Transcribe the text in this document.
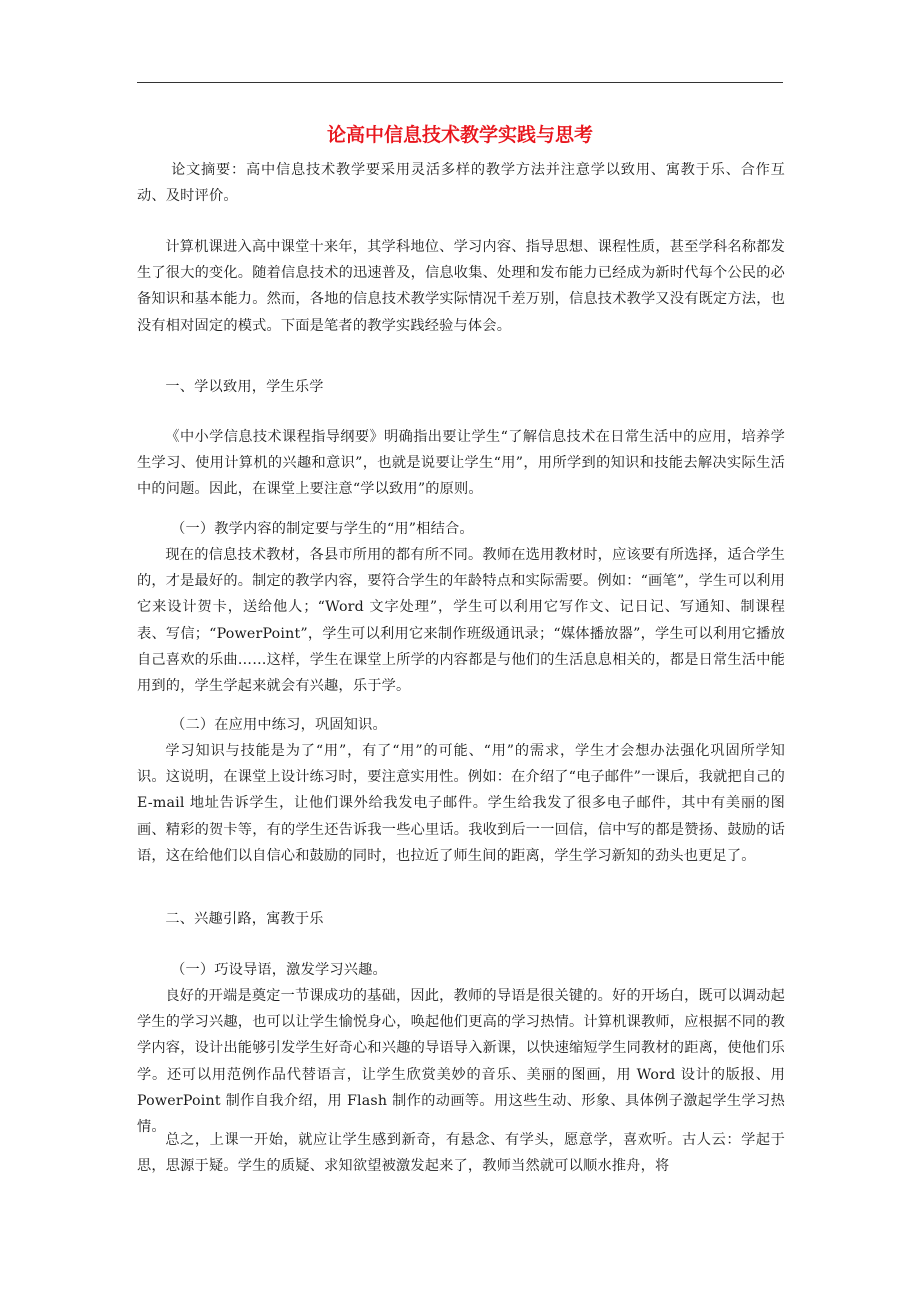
论高中信息技术教学实践与思考

论文摘要：高中信息技术教学要采用灵活多样的教学方法并注意学以致用、寓教于乐、合作互动、及时评价。

计算机课进入高中课堂十来年，其学科地位、学习内容、指导思想、课程性质，甚至学科名称都发生了很大的变化。随着信息技术的迅速普及，信息收集、处理和发布能力已经成为新时代每个公民的必备知识和基本能力。然而，各地的信息技术教学实际情况千差万别，信息技术教学又没有既定方法，也没有相对固定的模式。下面是笔者的教学实践经验与体会。

一、学以致用，学生乐学

《中小学信息技术课程指导纲要》明确指出要让学生“了解信息技术在日常生活中的应用，培养学生学习、使用计算机的兴趣和意识”，也就是说要让学生“用”，用所学到的知识和技能去解决实际生活中的问题。因此，在课堂上要注意“学以致用”的原则。

（一）教学内容的制定要与学生的“用”相结合。

现在的信息技术教材，各县市所用的都有所不同。教师在选用教材时，应该要有所选择，适合学生的，才是最好的。制定的教学内容，要符合学生的年龄特点和实际需要。例如：“画笔”，学生可以利用它来设计贺卡，送给他人；“Word 文字处理”，学生可以利用它写作文、记日记、写通知、制课程表、写信；“PowerPoint”，学生可以利用它来制作班级通讯录；“媒体播放器”，学生可以利用它播放自己喜欢的乐曲……这样，学生在课堂上所学的内容都是与他们的生活息息相关的，都是日常生活中能用到的，学生学起来就会有兴趣，乐于学。

（二）在应用中练习，巩固知识。

学习知识与技能是为了“用”，有了“用”的可能、“用”的需求，学生才会想办法强化巩固所学知识。这说明，在课堂上设计练习时，要注意实用性。例如：在介绍了“电子邮件”一课后，我就把自己的 E-mail 地址告诉学生，让他们课外给我发电子邮件。学生给我发了很多电子邮件，其中有美丽的图画、精彩的贺卡等，有的学生还告诉我一些心里话。我收到后一一回信，信中写的都是赞扬、鼓励的话语，这在给他们以自信心和鼓励的同时，也拉近了师生间的距离，学生学习新知的劲头也更足了。

二、兴趣引路，寓教于乐

（一）巧设导语，激发学习兴趣。

良好的开端是奠定一节课成功的基础，因此，教师的导语是很关键的。好的开场白，既可以调动起学生的学习兴趣，也可以让学生愉悦身心，唤起他们更高的学习热情。计算机课教师，应根据不同的教学内容，设计出能够引发学生好奇心和兴趣的导语导入新课，以快速缩短学生同教材的距离，使他们乐学。还可以用范例作品代替语言，让学生欣赏美妙的音乐、美丽的图画，用 Word 设计的版报、用 PowerPoint 制作自我介绍，用 Flash 制作的动画等。用这些生动、形象、具体例子激起学生学习热情。

总之，上课一开始，就应让学生感到新奇，有悬念、有学头，愿意学，喜欢听。古人云：学起于思，思源于疑。学生的质疑、求知欲望被激发起来了，教师当然就可以顺水推舟，将
